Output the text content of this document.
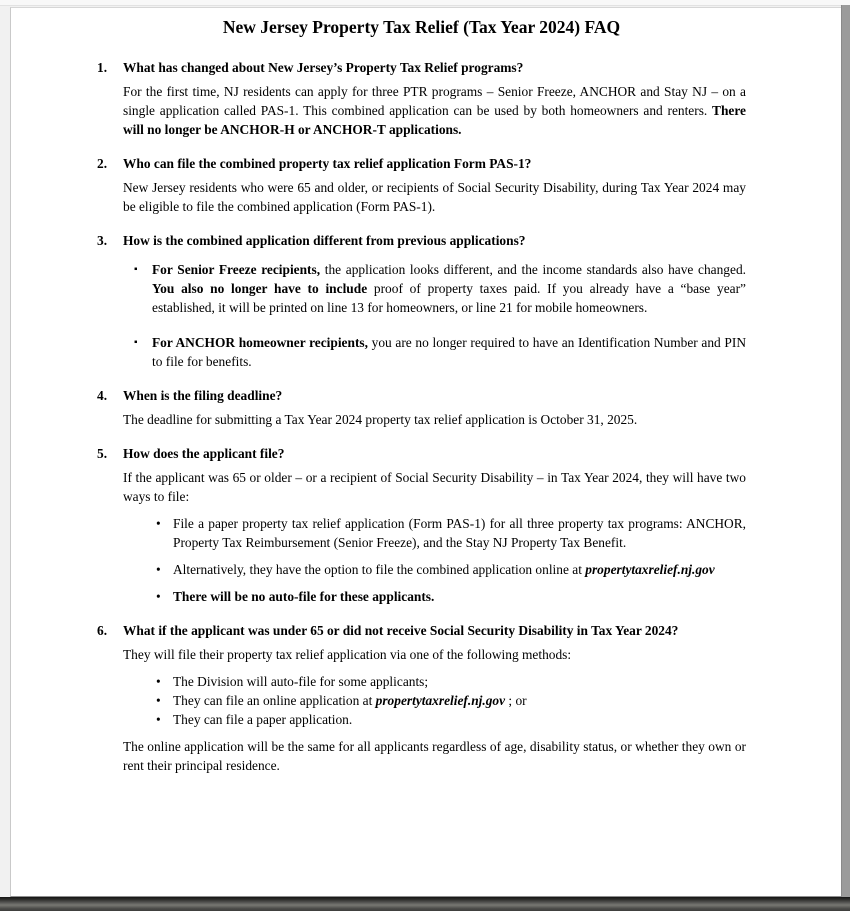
New Jersey Property Tax Relief (Tax Year 2024) FAQ
1.	What has changed about New Jersey’s Property Tax Relief programs?
For the first time, NJ residents can apply for three PTR programs – Senior Freeze, ANCHOR and Stay NJ – on a single application called PAS-1. This combined application can be used by both homeowners and renters. There will no longer be ANCHOR-H or ANCHOR-T applications.
2.	Who can file the combined property tax relief application Form PAS-1?
New Jersey residents who were 65 and older, or recipients of Social Security Disability, during Tax Year 2024 may be eligible to file the combined application (Form PAS-1).
3.	How is the combined application different from previous applications?
▪	For Senior Freeze recipients, the application looks different, and the income standards also have changed. You also no longer have to include proof of property taxes paid. If you already have a “base year” established, it will be printed on line 13 for homeowners, or line 21 for mobile homeowners.
▪	For ANCHOR homeowner recipients, you are no longer required to have an Identification Number and PIN to file for benefits.
4.	When is the filing deadline?
The deadline for submitting a Tax Year 2024 property tax relief application is October 31, 2025.
5.	How does the applicant file?
If the applicant was 65 or older – or a recipient of Social Security Disability – in Tax Year 2024, they will have two ways to file:
• File a paper property tax relief application (Form PAS-1) for all three property tax programs: ANCHOR, Property Tax Reimbursement (Senior Freeze), and the Stay NJ Property Tax Benefit.
• Alternatively, they have the option to file the combined application online at propertytaxrelief.nj.gov
• There will be no auto-file for these applicants.
6.	What if the applicant was under 65 or did not receive Social Security Disability in Tax Year 2024?
They will file their property tax relief application via one of the following methods:
• The Division will auto-file for some applicants;
• They can file an online application at propertytaxrelief.nj.gov ; or
• They can file a paper application.
The online application will be the same for all applicants regardless of age, disability status, or whether they own or rent their principal residence.
